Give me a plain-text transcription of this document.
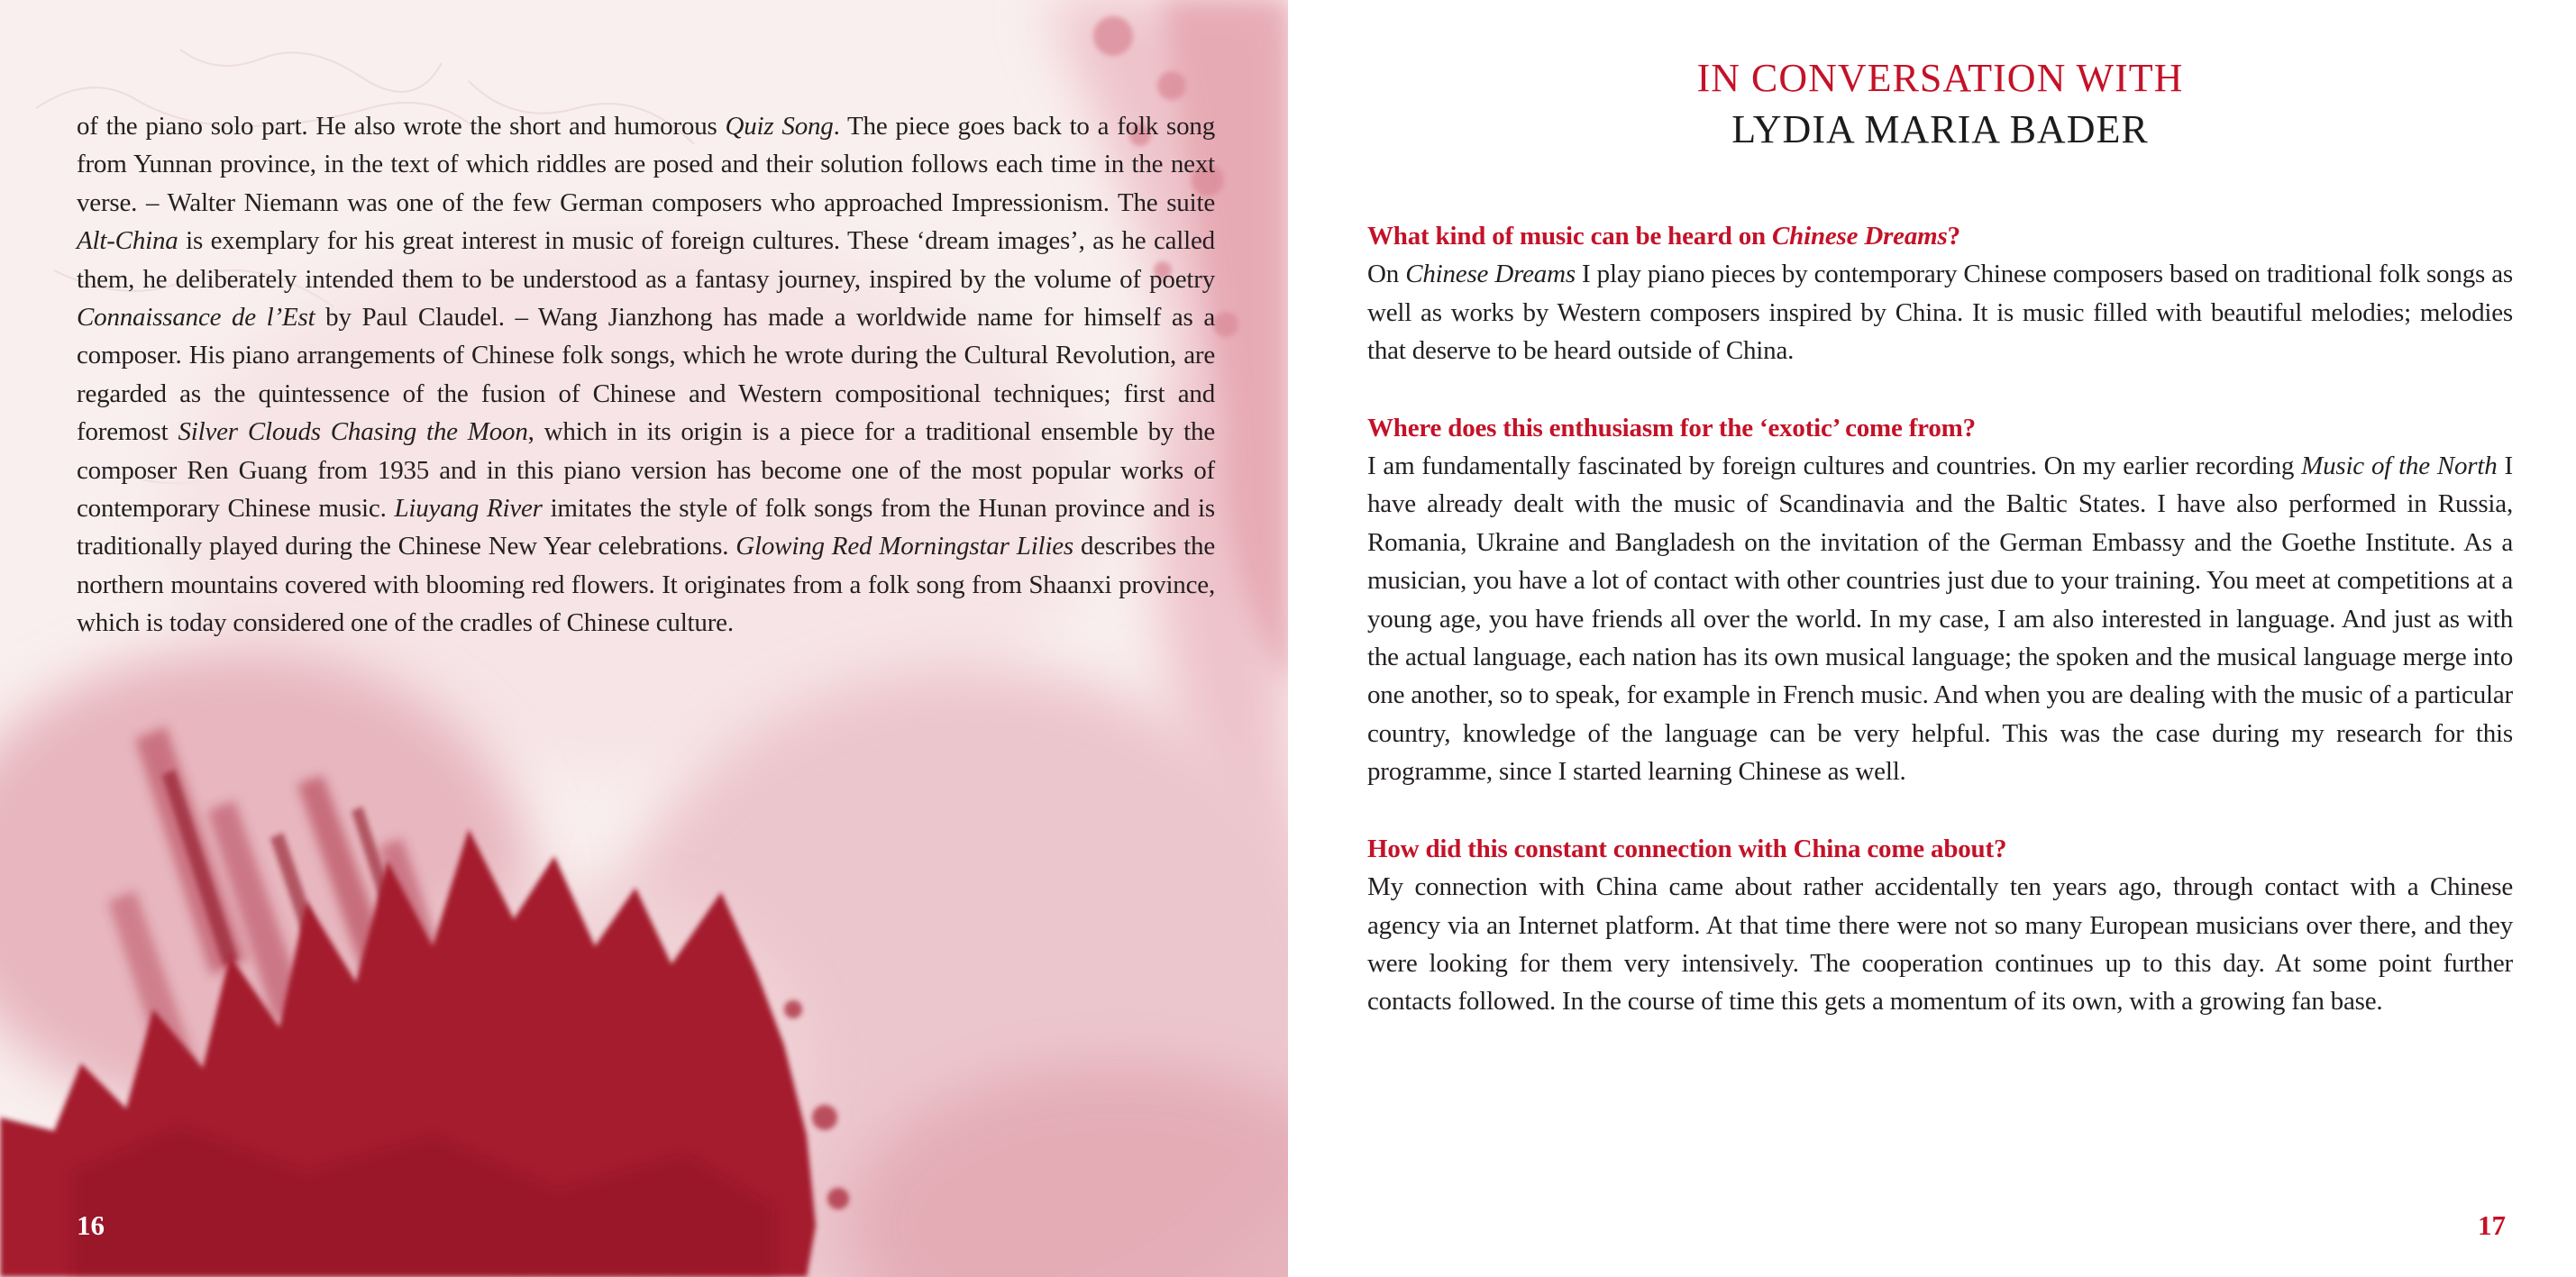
of the piano solo part. He also wrote the short and humorous Quiz Song. The piece goes back to a folk song from Yunnan province, in the text of which riddles are posed and their solution follows each time in the next verse. – Walter Niemann was one of the few German composers who approached Impressionism. The suite Alt-China is exemplary for his great interest in music of foreign cultures. These ‘dream images’, as he called them, he deliberately intended them to be understood as a fantasy journey, inspired by the volume of poetry Connaissance de l’Est by Paul Claudel. – Wang Jianzhong has made a worldwide name for himself as a composer. His piano arrangements of Chinese folk songs, which he wrote during the Cultural Revolution, are regarded as the quintessence of the fusion of Chinese and Western compositional techniques; first and foremost Silver Clouds Chasing the Moon, which in its origin is a piece for a traditional ensemble by the composer Ren Guang from 1935 and in this piano version has become one of the most popular works of contemporary Chinese music. Liuyang River imitates the style of folk songs from the Hunan province and is traditionally played during the Chinese New Year celebrations. Glowing Red Morningstar Lilies describes the northern mountains covered with blooming red flowers. It originates from a folk song from Shaanxi province, which is today considered one of the cradles of Chinese culture.
16
IN CONVERSATION WITH
LYDIA MARIA BADER
What kind of music can be heard on Chinese Dreams?

On Chinese Dreams I play piano pieces by contemporary Chinese composers based on traditional folk songs as well as works by Western composers inspired by China. It is music filled with beautiful melodies; melodies that deserve to be heard outside of China.

Where does this enthusiasm for the ‘exotic’ come from?

I am fundamentally fascinated by foreign cultures and countries. On my earlier recording Music of the North I have already dealt with the music of Scandinavia and the Baltic States. I have also performed in Russia, Romania, Ukraine and Bangladesh on the invitation of the German Embassy and the Goethe Institute. As a musician, you have a lot of contact with other countries just due to your training. You meet at competitions at a young age, you have friends all over the world. In my case, I am also interested in language. And just as with the actual language, each nation has its own musical language; the spoken and the musical language merge into one another, so to speak, for example in French music. And when you are dealing with the music of a particular country, knowledge of the language can be very helpful. This was the case during my research for this programme, since I started learning Chinese as well.

How did this constant connection with China come about?

My connection with China came about rather accidentally ten years ago, through contact with a Chinese agency via an Internet platform. At that time there were not so many European musicians over there, and they were looking for them very intensively. The cooperation continues up to this day. At some point further contacts followed. In the course of time this gets a momentum of its own, with a growing fan base.

17
